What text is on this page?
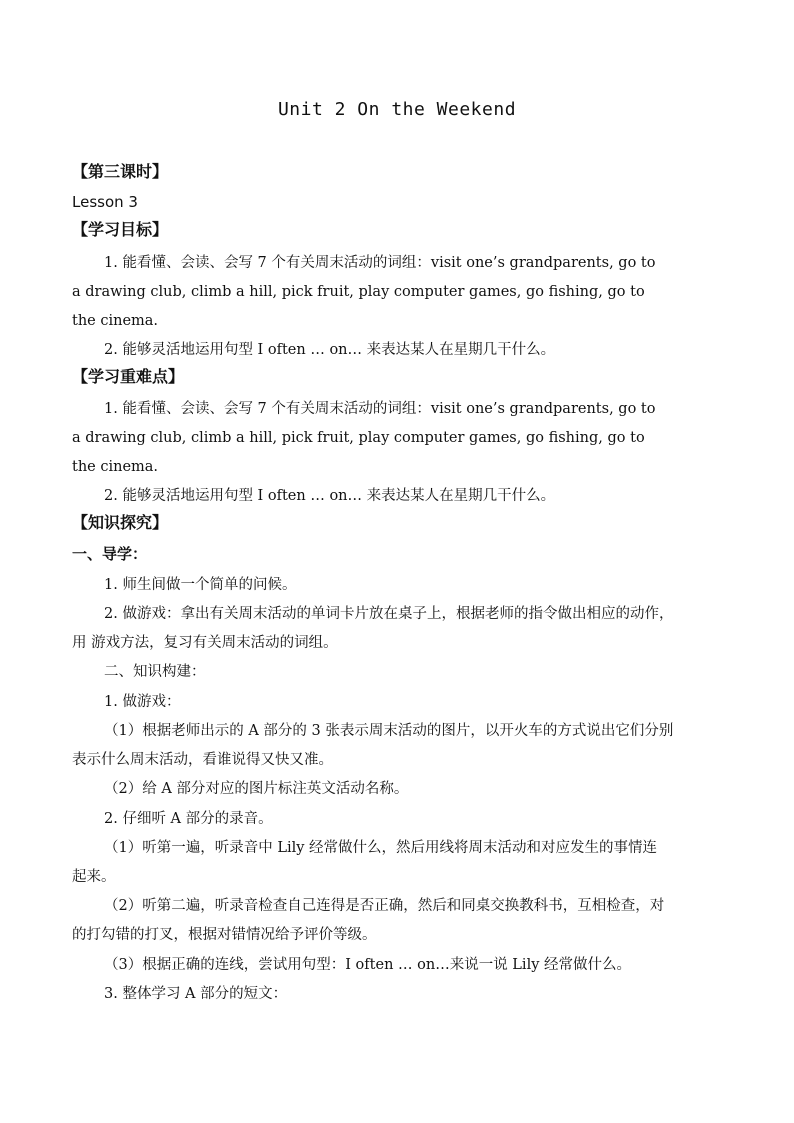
Unit 2 On the Weekend
【第三课时】
Lesson 3
【学习目标】
1. 能看懂、会读、会写 7 个有关周末活动的词组：visit one’s grandparents, go to
a drawing club, climb a hill, pick fruit, play computer games, go fishing, go to
the cinema.
2. 能够灵活地运用句型 I often … on… 来表达某人在星期几干什么。
【学习重难点】
1. 能看懂、会读、会写 7 个有关周末活动的词组：visit one’s grandparents, go to
a drawing club, climb a hill, pick fruit, play computer games, go fishing, go to
the cinema.
2. 能够灵活地运用句型 I often … on… 来表达某人在星期几干什么。
【知识探究】
一、导学：
1. 师生间做一个简单的问候。
2. 做游戏：拿出有关周末活动的单词卡片放在桌子上，根据老师的指令做出相应的动作，
用 游戏方法，复习有关周末活动的词组。
二、知识构建：
1. 做游戏：
（1）根据老师出示的 A 部分的 3 张表示周末活动的图片，以开火车的方式说出它们分别
表示什么周末活动，看谁说得又快又准。
（2）给 A 部分对应的图片标注英文活动名称。
2. 仔细听 A 部分的录音。
（1）听第一遍，听录音中 Lily 经常做什么，然后用线将周末活动和对应发生的事情连
起来。
（2）听第二遍，听录音检查自己连得是否正确，然后和同桌交换教科书，互相检查，对
的打勾错的打叉，根据对错情况给予评价等级。
（3）根据正确的连线，尝试用句型：I often … on…来说一说 Lily 经常做什么。
3. 整体学习 A 部分的短文：
